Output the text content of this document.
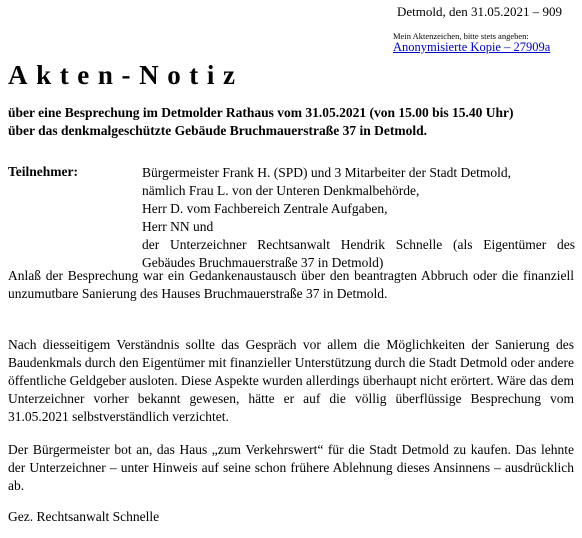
Detmold, den 31.05.2021 – 909
Mein Aktenzeichen, bitte stets angeben:
Anonymisierte Kopie – 27909a
Akten-Notiz
über eine Besprechung im Detmolder Rathaus vom 31.05.2021 (von 15.00 bis 15.40 Uhr)
über das denkmalgeschützte Gebäude Bruchmauerstraße 37 in Detmold.
Teilnehmer:	Bürgermeister Frank H. (SPD) und 3 Mitarbeiter der Stadt Detmold,
nämlich Frau L. von der Unteren Denkmalbehörde,
Herr D. vom Fachbereich Zentrale Aufgaben,
Herr NN und
der Unterzeichner Rechtsanwalt Hendrik Schnelle (als Eigentümer des Gebäudes Bruchmauerstraße 37 in Detmold)

Anlaß der Besprechung war ein Gedankenaustausch über den beantragten Abbruch oder die finanziell unzumutbare Sanierung des Hauses Bruchmauerstraße 37 in Detmold.

Nach diesseitigem Verständnis sollte das Gespräch vor allem die Möglichkeiten der Sanierung des Baudenkmals durch den Eigentümer mit finanzieller Unterstützung durch die Stadt Detmold oder andere öffentliche Geldgeber ausloten. Diese Aspekte wurden allerdings überhaupt nicht erörtert. Wäre das dem Unterzeichner vorher bekannt gewesen, hätte er auf die völlig überflüssige Besprechung vom 31.05.2021 selbstverständlich verzichtet.

Der Bürgermeister bot an, das Haus „zum Verkehrswert“ für die Stadt Detmold zu kaufen. Das lehnte der Unterzeichner – unter Hinweis auf seine schon frühere Ablehnung dieses Ansinnens – ausdrücklich ab.

Gez. Rechtsanwalt Schnelle
